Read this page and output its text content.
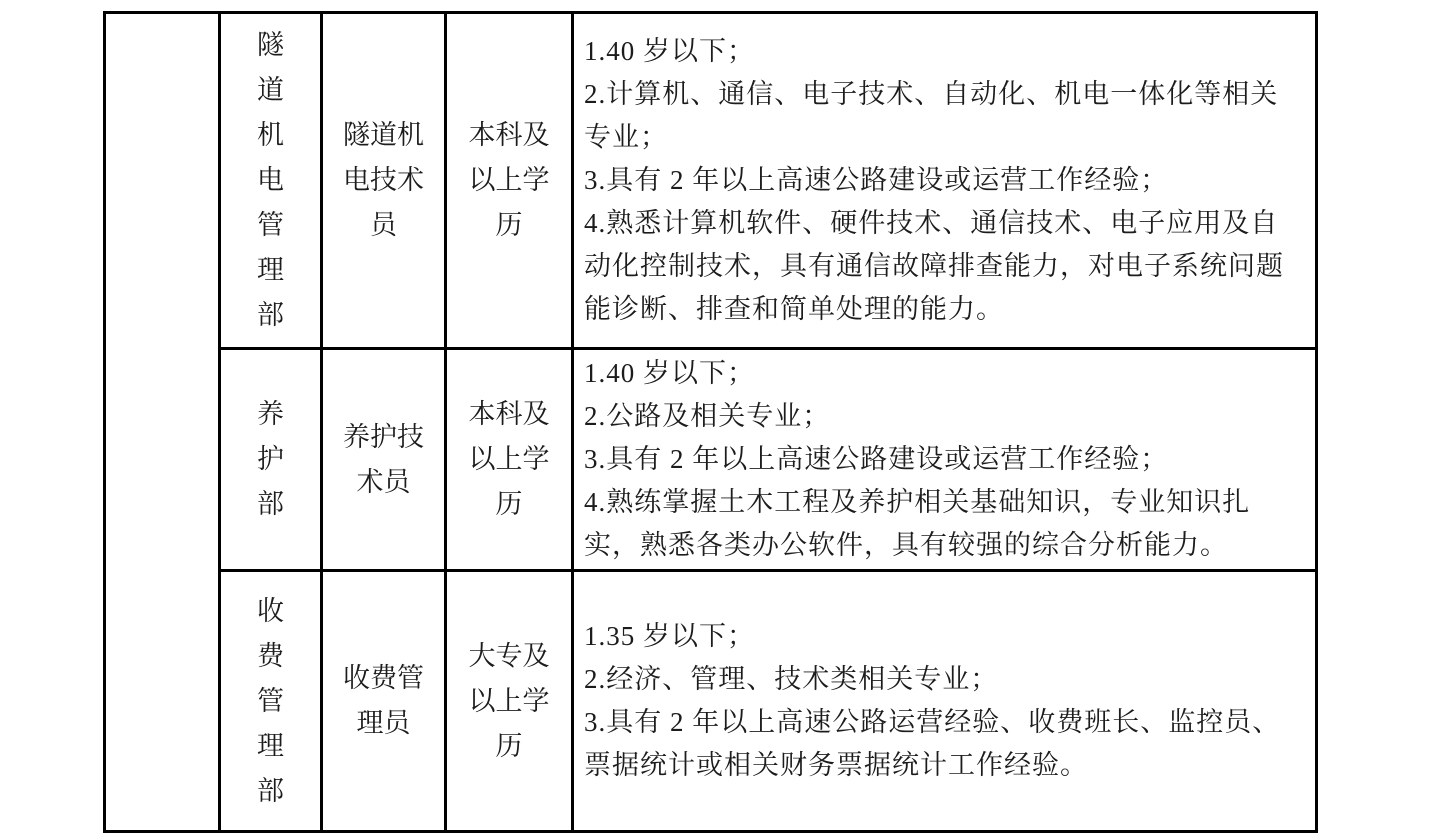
	隧道机电管理部	隧道机电技术员	本科及以上学历	1.40 岁以下；

2.计算机、通信、电子技术、自动化、机电一体化等相关专业；

3.具有 2 年以上高速公路建设或运营工作经验；

4.熟悉计算机软件、硬件技术、通信技术、电子应用及自动化控制技术，具有通信故障排查能力，对电子系统问题能诊断、排查和简单处理的能力。

	养护部	养护技术员	本科及以上学历	1.40 岁以下；

2.公路及相关专业；

3.具有 2 年以上高速公路建设或运营工作经验；

4.熟练掌握土木工程及养护相关基础知识，专业知识扎实，熟悉各类办公软件，具有较强的综合分析能力。

	收费管理部	收费管理员	大专及以上学历	1.35 岁以下；

2.经济、管理、技术类相关专业；

3.具有 2 年以上高速公路运营经验、收费班长、监控员、票据统计或相关财务票据统计工作经验。
